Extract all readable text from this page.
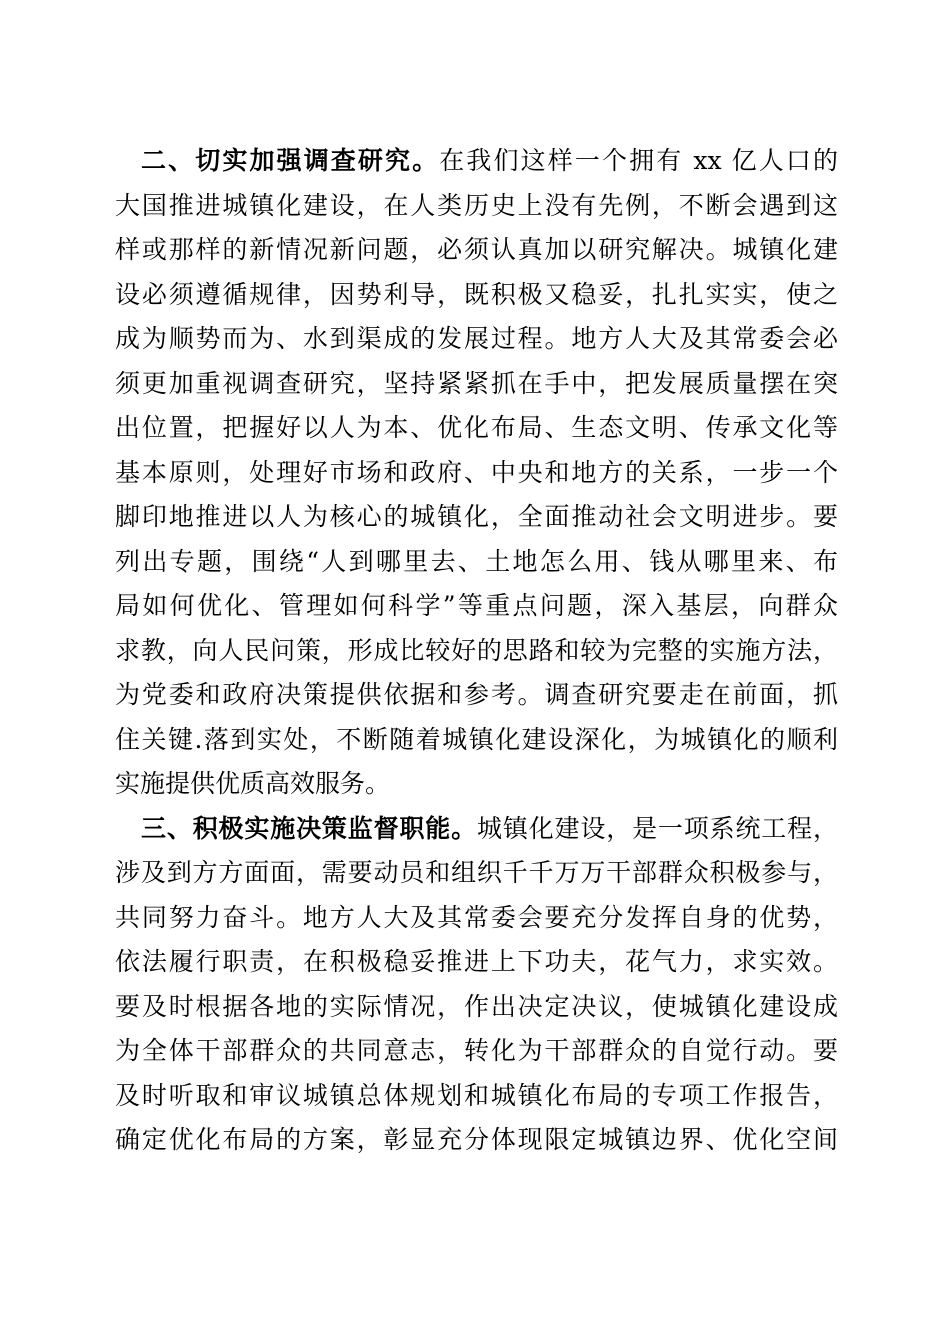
二、切实加强调查研究。在我们这样一个拥有 xx 亿人口的
大国推进城镇化建设，在人类历史上没有先例，不断会遇到这
样或那样的新情况新问题，必须认真加以研究解决。城镇化建
设必须遵循规律，因势利导，既积极又稳妥，扎扎实实，使之
成为顺势而为、水到渠成的发展过程。地方人大及其常委会必
须更加重视调查研究，坚持紧紧抓在手中，把发展质量摆在突
出位置，把握好以人为本、优化布局、生态文明、传承文化等
基本原则，处理好市场和政府、中央和地方的关系，一步一个
脚印地推进以人为核心的城镇化，全面推动社会文明进步。要
列出专题，围绕“人到哪里去、土地怎么用、钱从哪里来、布
局如何优化、管理如何科学”等重点问题，深入基层，向群众
求教，向人民问策，形成比较好的思路和较为完整的实施方法，
为党委和政府决策提供依据和参考。调查研究要走在前面，抓
住关键.落到实处，不断随着城镇化建设深化，为城镇化的顺利
实施提供优质高效服务。
三、积极实施决策监督职能。城镇化建设，是一项系统工程，
涉及到方方面面，需要动员和组织千千万万干部群众积极参与，
共同努力奋斗。地方人大及其常委会要充分发挥自身的优势，
依法履行职责，在积极稳妥推进上下功夫，花气力，求实效。
要及时根据各地的实际情况，作出决定决议，使城镇化建设成
为全体干部群众的共同意志，转化为干部群众的自觉行动。要
及时听取和审议城镇总体规划和城镇化布局的专项工作报告，
确定优化布局的方案，彰显充分体现限定城镇边界、优化空间
